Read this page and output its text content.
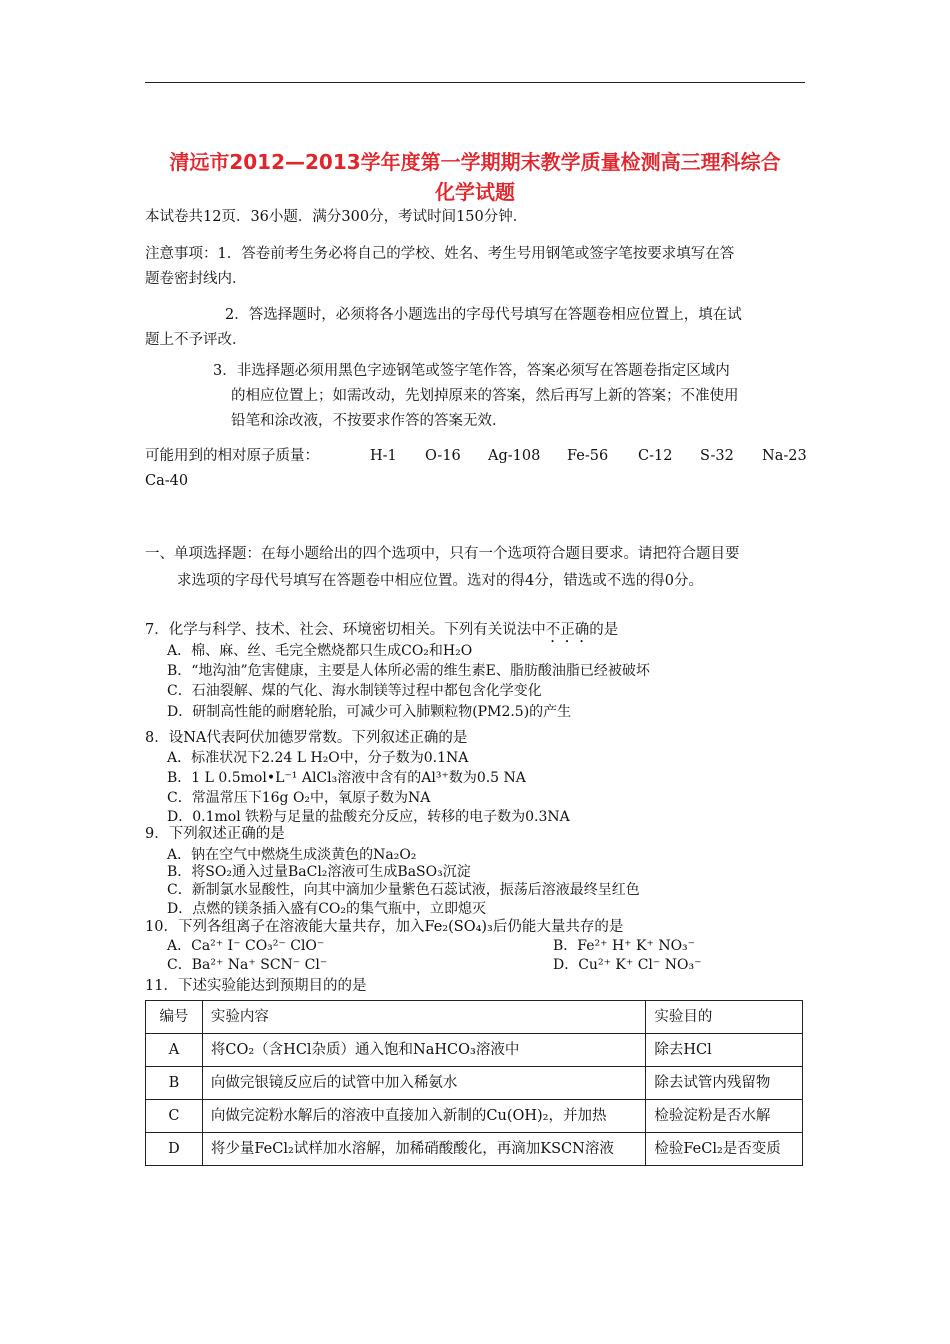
清远市2012—2013学年度第一学期期末教学质量检测高三理科综合
化学试题
本试卷共12页．36小题．满分300分，考试时间150分钟．
注意事项：1．答卷前考生务必将自己的学校、姓名、考生号用钢笔或签字笔按要求填写在答
题卷密封线内．
2．答选择题时，必须将各小题选出的字母代号填写在答题卷相应位置上，填在试
题上不予评改．
3．非选择题必须用黑色字迹钢笔或签字笔作答，答案必须写在答题卷指定区域内
的相应位置上；如需改动，先划掉原来的答案，然后再写上新的答案；不准使用
铅笔和涂改液，不按要求作答的答案无效．
可能用到的相对原子质量：	H-1 O-16 Ag-108 Fe-56 C-12 S-32 Na-23
Ca-40
一、单项选择题：在每小题给出的四个选项中，只有一个选项符合题目要求。请把符合题目要
求选项的字母代号填写在答题卷中相应位置。选对的得4分，错选或不选的得0分。
7．化学与科学、技术、社会、环境密切相关。下列有关说法中不正确的是
A．棉、麻、丝、毛完全燃烧都只生成CO₂和H₂O
B．“地沟油”危害健康，主要是人体所必需的维生素E、脂肪酸油脂已经被破坏
C．石油裂解、煤的气化、海水制镁等过程中都包含化学变化
D．研制高性能的耐磨轮胎，可减少可入肺颗粒物(PM2.5)的产生
8．设NA代表阿伏加德罗常数。下列叙述正确的是
A．标准状况下2.24 L H₂O中，分子数为0.1NA
B．1 L 0.5mol•L⁻¹ AlCl₃溶液中含有的Al³⁺数为0.5 NA
C．常温常压下16g O₂中，氧原子数为NA
D．0.1mol 铁粉与足量的盐酸充分反应，转移的电子数为0.3NA
9．下列叙述正确的是
A．钠在空气中燃烧生成淡黄色的Na₂O₂
B．将SO₂通入过量BaCl₂溶液可生成BaSO₃沉淀
C．新制氯水显酸性，向其中滴加少量紫色石蕊试液，振荡后溶液最终呈红色
D．点燃的镁条插入盛有CO₂的集气瓶中，立即熄灭
10．下列各组离子在溶液能大量共存，加入Fe₂(SO₄)₃后仍能大量共存的是
A．Ca²⁺ I⁻ CO₃²⁻ ClO⁻	B．Fe²⁺ H⁺ K⁺ NO₃⁻
C．Ba²⁺ Na⁺ SCN⁻ Cl⁻	D．Cu²⁺ K⁺ Cl⁻ NO₃⁻
11．下述实验能达到预期目的的是
编号	实验内容	实验目的
A	将CO₂（含HCl杂质）通入饱和NaHCO₃溶液中	除去HCl
B	向做完银镜反应后的试管中加入稀氨水	除去试管内残留物
C	向做完淀粉水解后的溶液中直接加入新制的Cu(OH)₂，并加热	检验淀粉是否水解
D	将少量FeCl₂试样加水溶解，加稀硝酸酸化，再滴加KSCN溶液	检验FeCl₂是否变质
